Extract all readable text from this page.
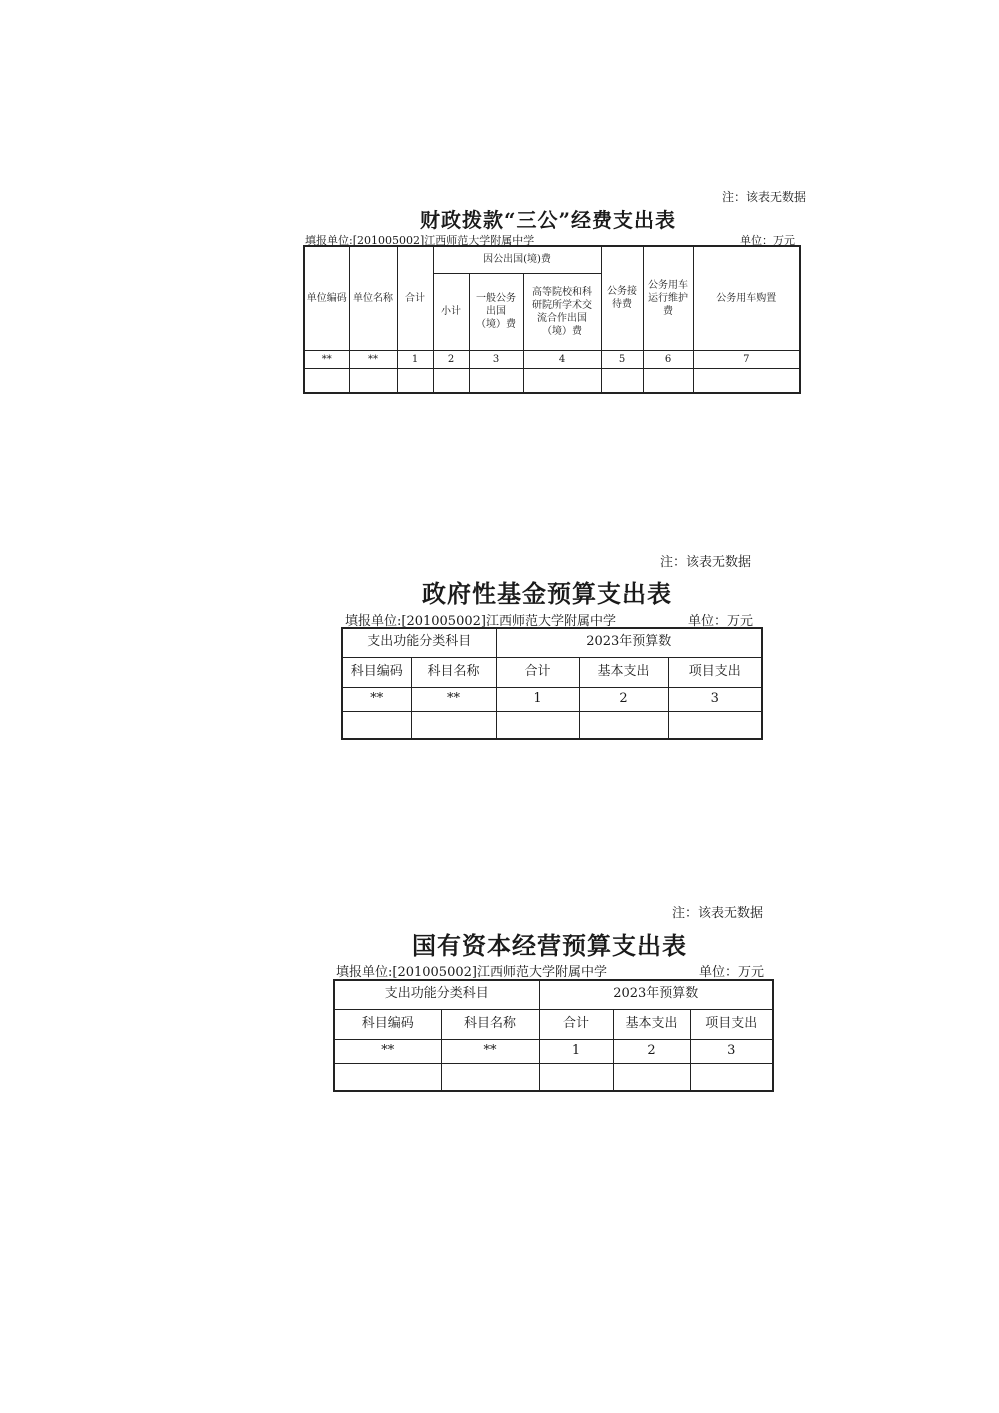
注：该表无数据
财政拨款“三公”经费支出表
填报单位:[201005002]江西师范大学附属中学	单位：万元
单位编码	单位名称	合计	因公出国(境)费			公务接待费	公务用车运行维护费	公务用车购置
			小计	一般公务出国（境）费	高等院校和科研院所学术交流合作出国（境）费			
**	**	1	2	3	4	5	6	7

注：该表无数据
政府性基金预算支出表
填报单位:[201005002]江西师范大学附属中学	单位：万元
支出功能分类科目		2023年预算数		
科目编码	科目名称	合计	基本支出	项目支出
**	**	1	2	3

注：该表无数据
国有资本经营预算支出表
填报单位:[201005002]江西师范大学附属中学	单位：万元
支出功能分类科目		2023年预算数		
科目编码	科目名称	合计	基本支出	项目支出
**	**	1	2	3
